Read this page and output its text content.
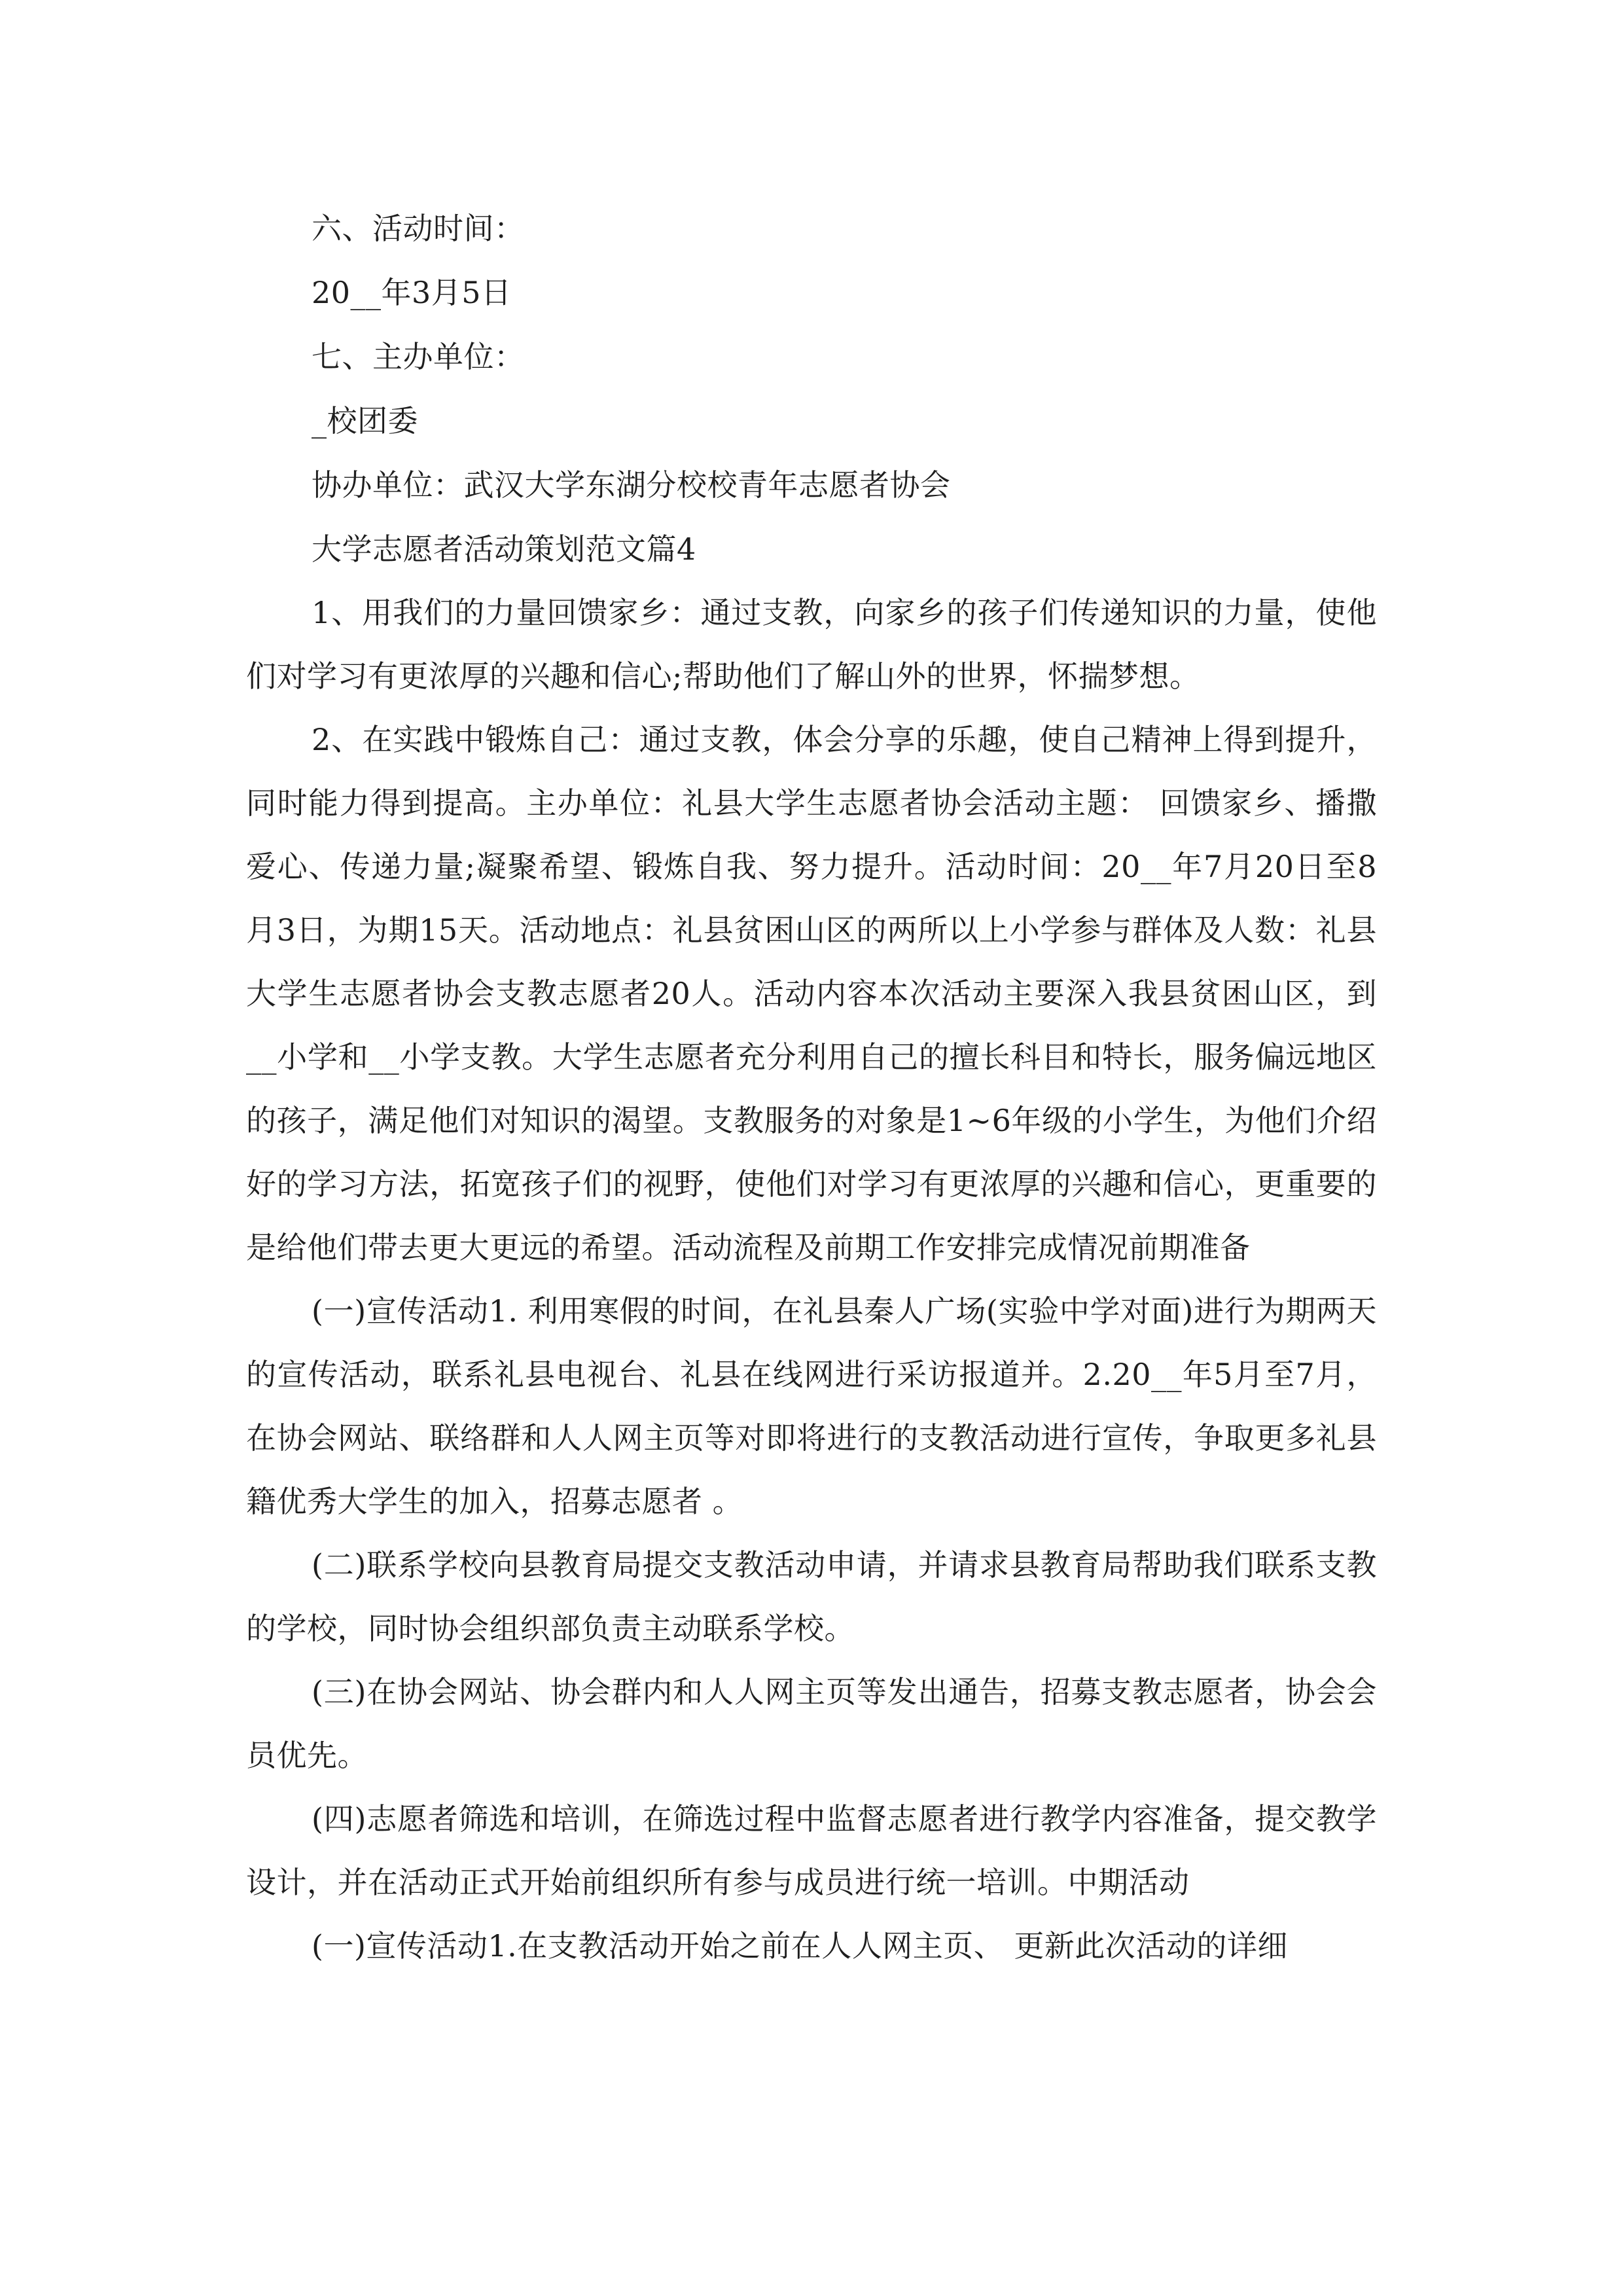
六、活动时间：
20__年3月5日
七、主办单位：
_校团委
协办单位：武汉大学东湖分校校青年志愿者协会
大学志愿者活动策划范文篇4

1、用我们的力量回馈家乡：通过支教，向家乡的孩子们传递知识的力量，使他们对学习有更浓厚的兴趣和信心;帮助他们了解山外的世界，怀揣梦想。

2、在实践中锻炼自己：通过支教，体会分享的乐趣，使自己精神上得到提升，同时能力得到提高。主办单位：礼县大学生志愿者协会活动主题： 回馈家乡、播撒爱心、传递力量;凝聚希望、锻炼自我、努力提升。活动时间：20__年7月20日至8月3日，为期15天。活动地点：礼县贫困山区的两所以上小学参与群体及人数：礼县大学生志愿者协会支教志愿者20人。活动内容本次活动主要深入我县贫困山区，到__小学和__小学支教。大学生志愿者充分利用自己的擅长科目和特长，服务偏远地区的孩子，满足他们对知识的渴望。支教服务的对象是1~6年级的小学生，为他们介绍好的学习方法，拓宽孩子们的视野，使他们对学习有更浓厚的兴趣和信心，更重要的是给他们带去更大更远的希望。活动流程及前期工作安排完成情况前期准备

(一)宣传活动1. 利用寒假的时间，在礼县秦人广场(实验中学对面)进行为期两天的宣传活动，联系礼县电视台、礼县在线网进行采访报道并。2.20__年5月至7月，在协会网站、联络群和人人网主页等对即将进行的支教活动进行宣传，争取更多礼县籍优秀大学生的加入，招募志愿者 。

(二)联系学校向县教育局提交支教活动申请，并请求县教育局帮助我们联系支教的学校，同时协会组织部负责主动联系学校。

(三)在协会网站、协会群内和人人网主页等发出通告，招募支教志愿者，协会会员优先。

(四)志愿者筛选和培训，在筛选过程中监督志愿者进行教学内容准备，提交教学设计，并在活动正式开始前组织所有参与成员进行统一培训。中期活动

(一)宣传活动1.在支教活动开始之前在人人网主页、 更新此次活动的详细
